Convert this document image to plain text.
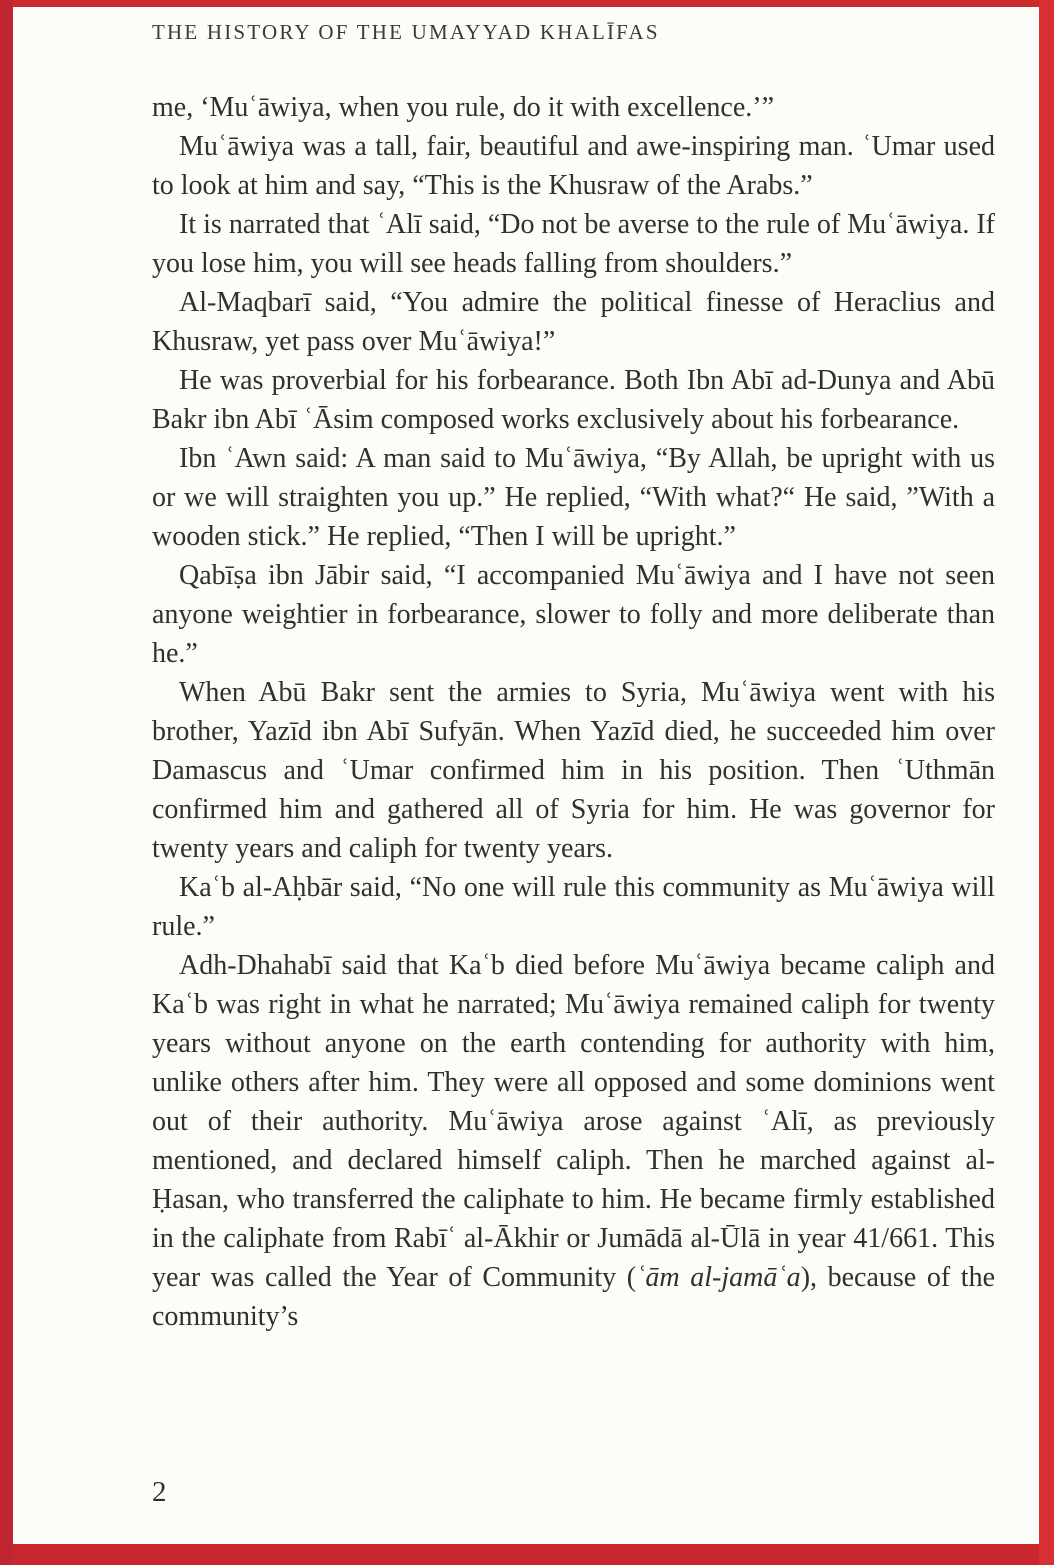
THE HISTORY OF THE UMAYYAD KHALĪFAS

me, ‘Muʿāwiya, when you rule, do it with excellence.’”

Muʿāwiya was a tall, fair, beautiful and awe-inspiring man. ʿUmar used to look at him and say, “This is the Khusraw of the Arabs.”

It is narrated that ʿAlī said, “Do not be averse to the rule of Muʿāwiya. If you lose him, you will see heads falling from shoulders.”

Al-Maqbarī said, “You admire the political finesse of Heraclius and Khusraw, yet pass over Muʿāwiya!”

He was proverbial for his forbearance. Both Ibn Abī ad-Dunya and Abū Bakr ibn Abī ʿĀsim composed works exclusively about his forbearance.

Ibn ʿAwn said: A man said to Muʿāwiya, “By Allah, be upright with us or we will straighten you up.” He replied, “With what?“ He said, ”With a wooden stick.” He replied, “Then I will be upright.”

Qabīṣa ibn Jābir said, “I accompanied Muʿāwiya and I have not seen anyone weightier in forbearance, slower to folly and more deliberate than he.”

When Abū Bakr sent the armies to Syria, Muʿāwiya went with his brother, Yazīd ibn Abī Sufyān. When Yazīd died, he succeeded him over Damascus and ʿUmar confirmed him in his position. Then ʿUthmān confirmed him and gathered all of Syria for him. He was governor for twenty years and caliph for twenty years.

Kaʿb al-Aḥbār said, “No one will rule this community as Muʿāwiya will rule.”

Adh-Dhahabī said that Kaʿb died before Muʿāwiya became caliph and Kaʿb was right in what he narrated; Muʿāwiya remained caliph for twenty years without anyone on the earth contending for authority with him, unlike others after him. They were all opposed and some dominions went out of their authority. Muʿāwiya arose against ʿAlī, as previously mentioned, and declared himself caliph. Then he marched against al-Ḥasan, who transferred the caliphate to him. He became firmly established in the caliphate from Rabīʿ al-Ākhir or Jumādā al-Ūlā in year 41/661. This year was called the Year of Community (ʿām al-jamāʿa), because of the community’s

2
